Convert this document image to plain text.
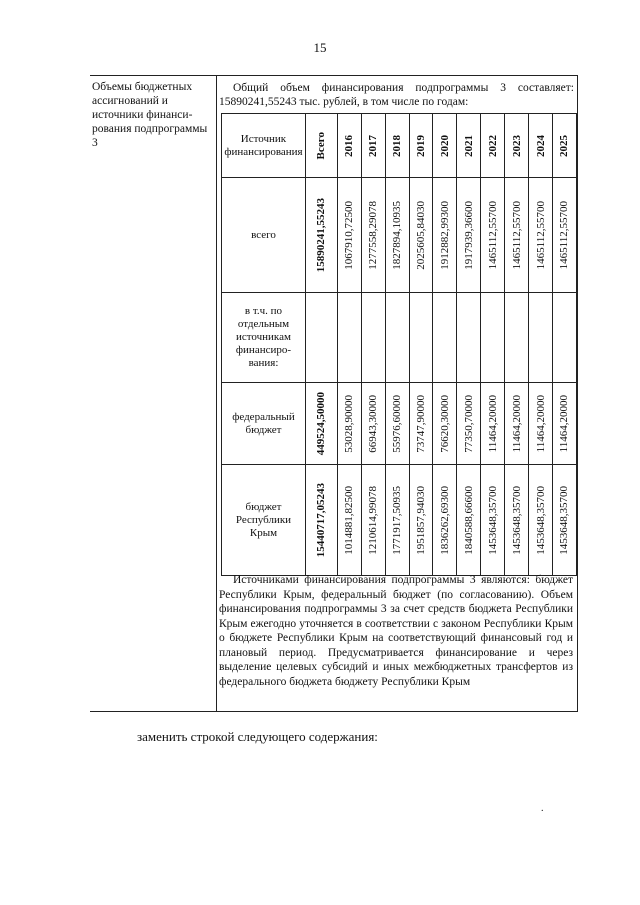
15
Объемы бюджетных ассигнований и источники финанси-рования подпрограммы 3
Общий объем финансирования подпрограммы 3 составляет: 15890241,55243 тыс. рублей, в том числе по годам:
Источник финансирования	Всего	2016	2017	2018	2019	2020	2021	2022	2023	2024	2025

всего	15890241,55243	1067910,72500	1277558,29078	1827894,10935	2025605,84030	1912882,99300	1917939,36600	1465112,55700	1465112,55700	1465112,55700	1465112,55700

в т.ч. по отдельным источникам финансиро-вания:	

федеральный бюджет	449524,50000	53028,90000	66943,30000	55976,60000	73747,90000	76620,30000	77350,70000	11464,20000	11464,20000	11464,20000	11464,20000

бюджет Республики Крым	15440717,05243	1014881,82500	1210614,99078	1771917,50935	1951857,94030	1836262,69300	1840588,66600	1453648,35700	1453648,35700	1453648,35700	1453648,35700
Источниками финансирования подпрограммы 3 являются: бюджет Республики Крым, федеральный бюджет (по согласованию). Объем финансирования подпрограммы 3 за счет средств бюджета Республики Крым ежегодно уточняется в соответствии с законом Республики Крым о бюджете Республики Крым на соответствующий финансовый год и плановый период. Предусматривается финансирование и через выделение целевых субсидий и иных межбюджетных трансфертов из федерального бюджета бюджету Республики Крым
заменить строкой следующего содержания:
.
